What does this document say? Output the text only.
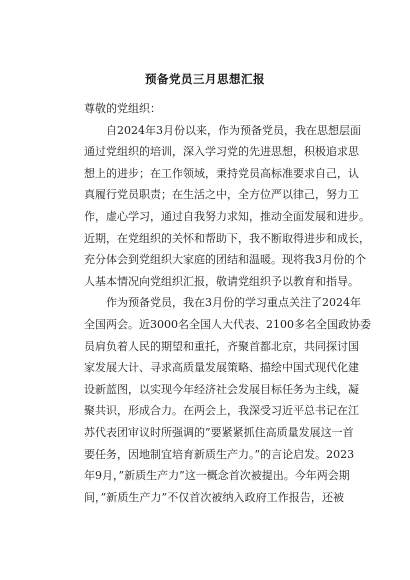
预备党员三月思想汇报
尊敬的党组织：
自2024年3月份以来，作为预备党员，我在思想层面
通过党组织的培训，深入学习党的先进思想，积极追求思
想上的进步；在工作领域，秉持党员高标准要求自己，认
真履行党员职责；在生活之中，全方位严以律己，努力工
作，虚心学习，通过自我努力求知，推动全面发展和进步。
近期，在党组织的关怀和帮助下，我不断取得进步和成长，
充分体会到党组织大家庭的团结和温暖。现将我3月份的个
人基本情况向党组织汇报，敬请党组织予以教育和指导。
作为预备党员，我在3月份的学习重点关注了2024年
全国两会。近3000名全国人大代表、2100多名全国政协委
员肩负着人民的期望和重托，齐聚首都北京，共同探讨国
家发展大计、寻求高质量发展策略、描绘中国式现代化建
设新蓝图，以实现今年经济社会发展目标任务为主线，凝
聚共识，形成合力。在两会上，我深受习近平总书记在江
苏代表团审议时所强调的”要紧紧抓住高质量发展这一首
要任务，因地制宜培育新质生产力。”的言论启发。2023
年9月，”新质生产力”这一概念首次被提出。今年两会期
间，”新质生产力”不仅首次被纳入政府工作报告，还被
